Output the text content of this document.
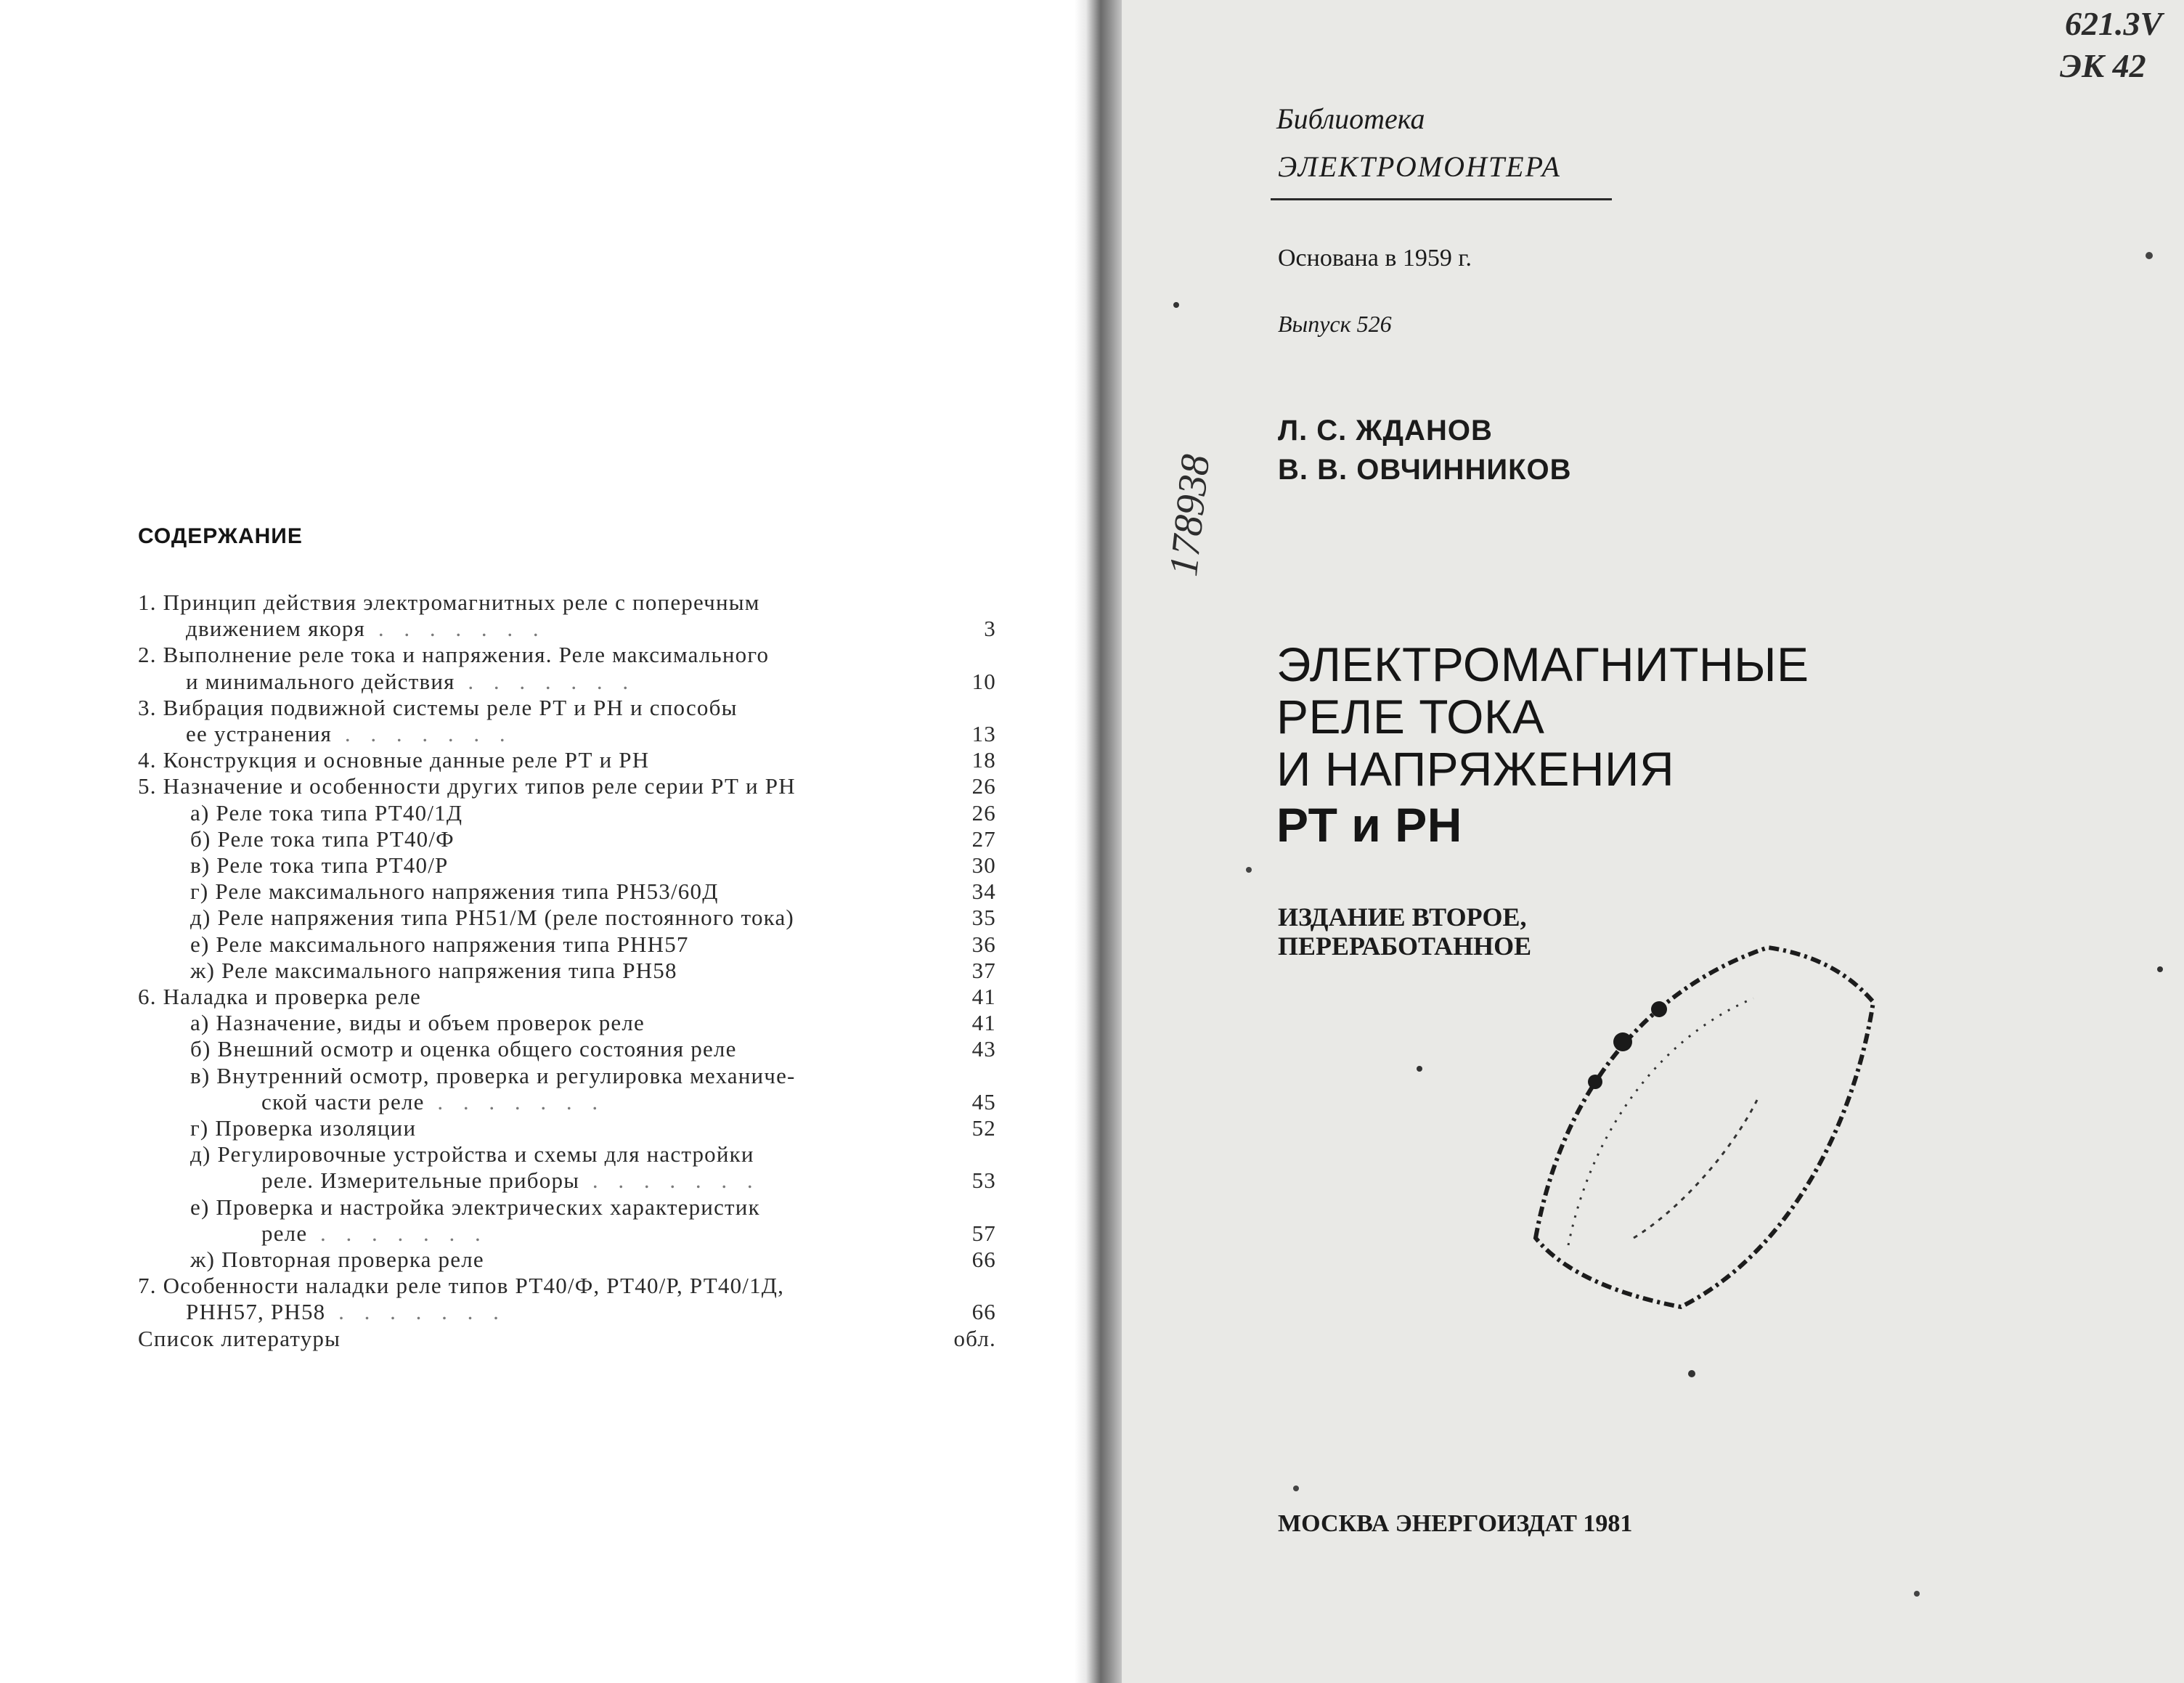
СОДЕРЖАНИЕ
1. Принцип действия электромагнитных реле с поперечным
движением якоря . . . . . . .	3
2. Выполнение реле тока и напряжения. Реле максимального
и минимального действия . . . . . . .	10
3. Вибрация подвижной системы реле РТ и РН и способы
ее устранения . . . . . . .	13
4. Конструкция и основные данные реле РТ и РН	18
5. Назначение и особенности других типов реле серии РТ и РН	26
а) Реле тока типа РТ40/1Д	26
б) Реле тока типа РТ40/Ф	27
в) Реле тока типа РТ40/Р	30
г) Реле максимального напряжения типа РН53/60Д	34
д) Реле напряжения типа РН51/М (реле постоянного тока)	35
е) Реле максимального напряжения типа РНН57	36
ж) Реле максимального напряжения типа РН58	37
6. Наладка и проверка реле	41
а) Назначение, виды и объем проверок реле	41
б) Внешний осмотр и оценка общего состояния реле	43
в) Внутренний осмотр, проверка и регулировка механиче-
ской части реле . . . . . . .	45
г) Проверка изоляции	52
д) Регулировочные устройства и схемы для настройки
реле. Измерительные приборы . . . . . . .	53
е) Проверка и настройка электрических характеристик
реле . . . . . . .	57
ж) Повторная проверка реле	66
7. Особенности наладки реле типов РТ40/Ф, РТ40/Р, РТ40/1Д,
РНН57, РН58 . . . . . . .	66
Список литературы	обл.
Библиотека
ЭЛЕКТРОМОНТЕРА
Основана в 1959 г.
Выпуск 526
Л. С. ЖДАНОВ
В. В. ОВЧИННИКОВ
ЭЛЕКТРОМАГНИТНЫЕ
РЕЛЕ ТОКА
И НАПРЯЖЕНИЯ
РТ и РН
ИЗДАНИЕ ВТОРОЕ,
ПЕРЕРАБОТАННОЕ
МОСКВА ЭНЕРГОИЗДАТ 1981
621.3V
ЭК 42
178938
